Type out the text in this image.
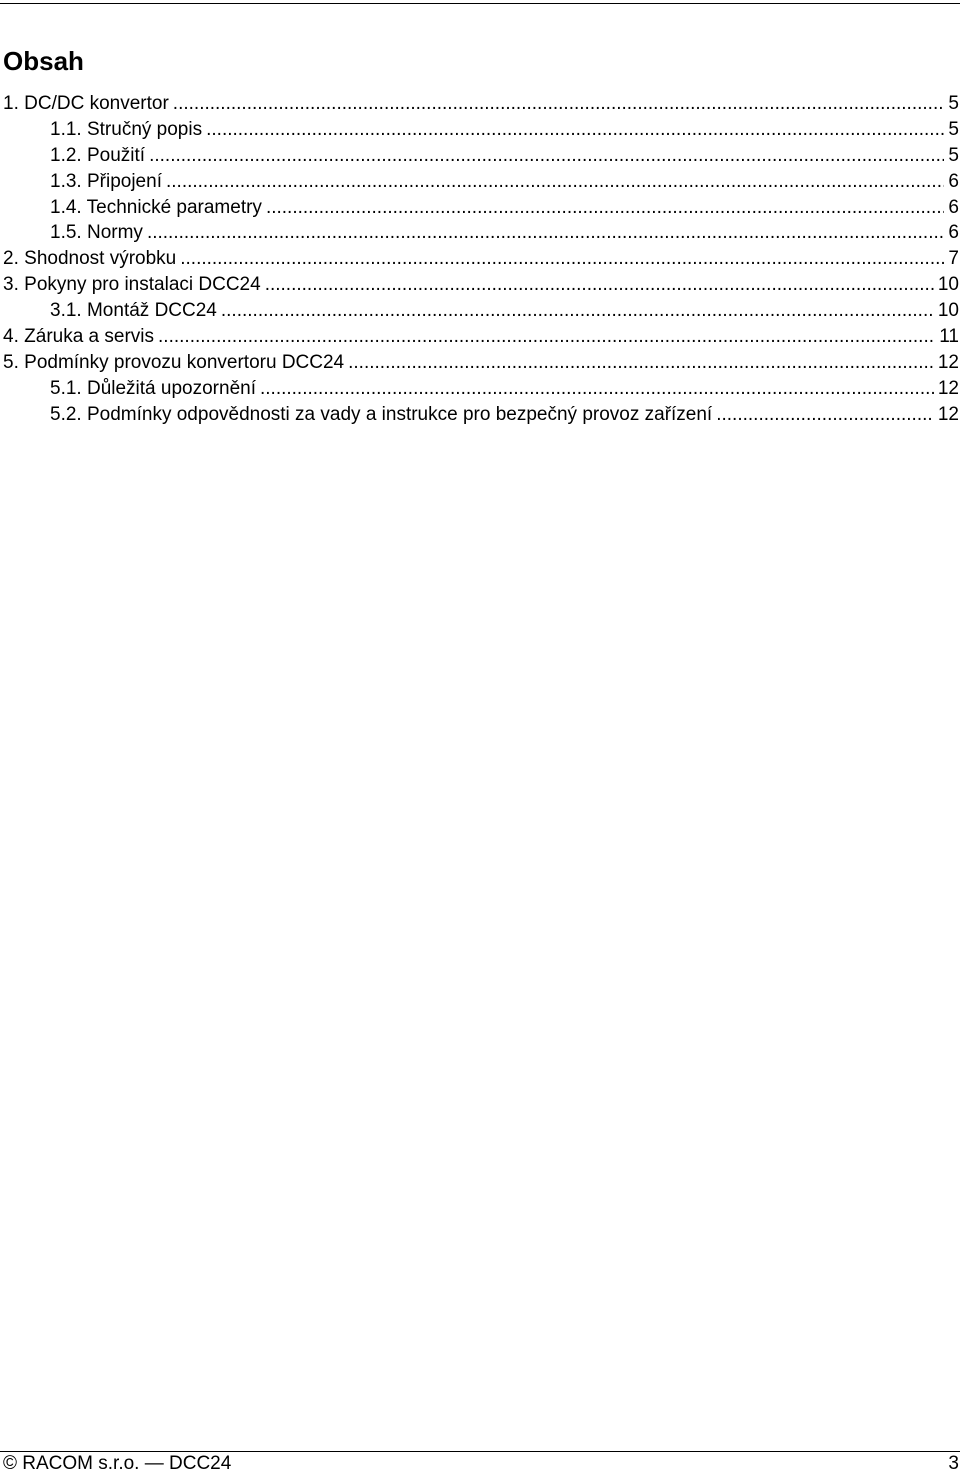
Obsah
1. DC/DC konvertor .....	5
1.1. Stručný popis .....	5
1.2. Použití .....	5
1.3. Připojení .....	6
1.4. Technické parametry .....	6
1.5. Normy .....	6
2. Shodnost výrobku .....	7
3. Pokyny pro instalaci DCC24 .....	10
3.1. Montáž DCC24 .....	10
4. Záruka a servis .....	11
5. Podmínky provozu konvertoru DCC24 .....	12
5.1. Důležitá upozornění .....	12
5.2. Podmínky odpovědnosti za vady a instrukce pro bezpečný provoz zařízení .....	12
© RACOM s.r.o. — DCC24	3
